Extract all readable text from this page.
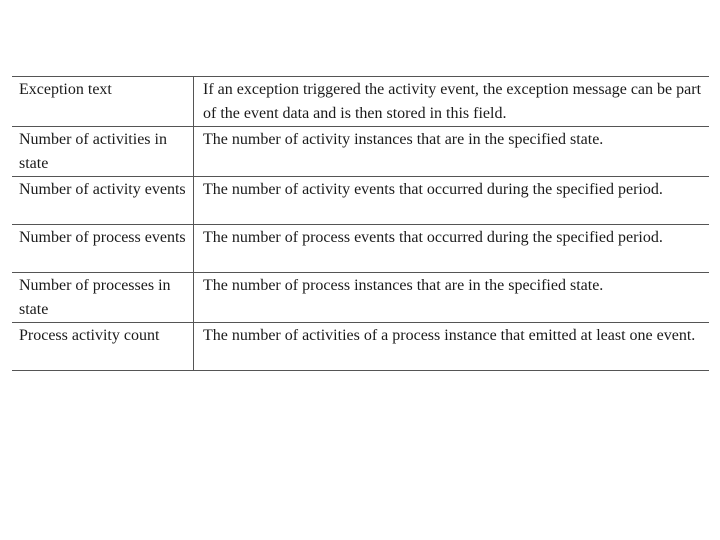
Exception text	If an exception triggered the activity event, the exception message can be part of the event data and is then stored in this field.
Number of activities in state	The number of activity instances that are in the specified state.
Number of activity events	The number of activity events that occurred during the specified period.
Number of process events	The number of process events that occurred during the specified period.
Number of processes in state	The number of process instances that are in the specified state.
Process activity count	The number of activities of a process instance that emitted at least one event.
